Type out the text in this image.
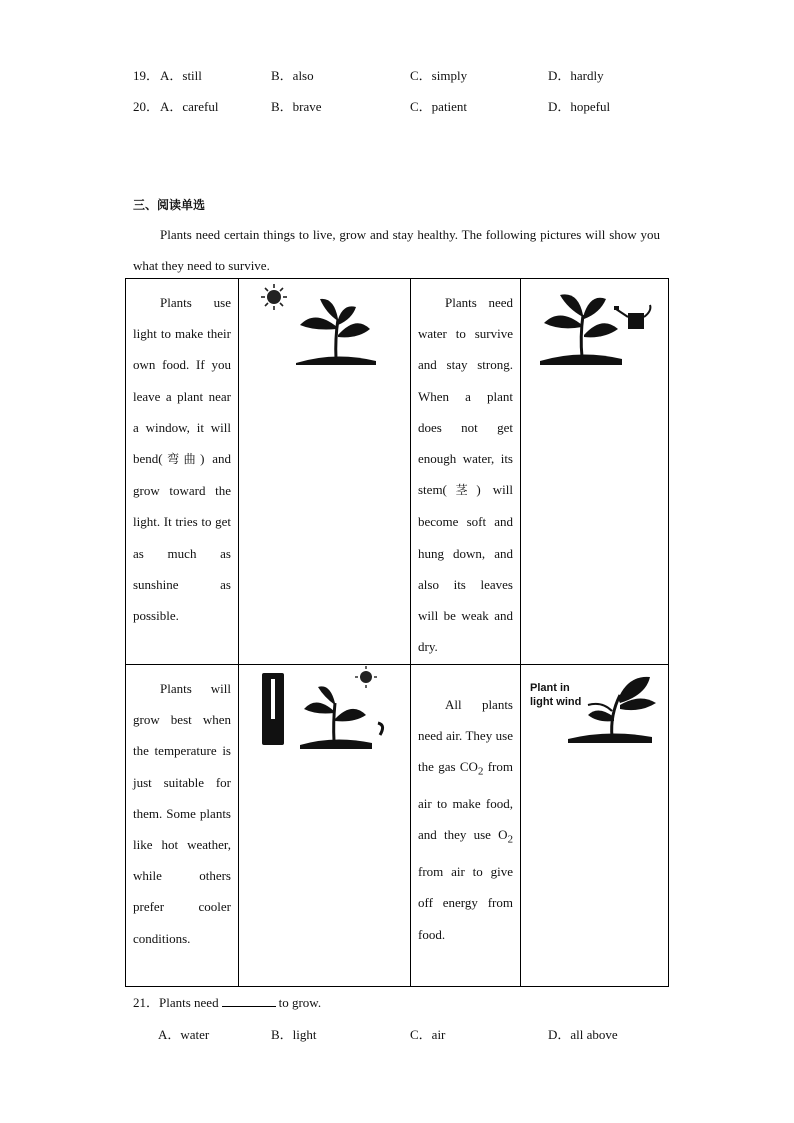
19． A．still	B．also	C．simply	D．hardly
20． A．careful	B．brave	C．patient	D．hopeful
三、阅读单选

Plants need certain things to live, grow and stay healthy. The following pictures will show you what they need to survive.

Plants use light to make their own food. If you leave a plant near a window, it will bend(弯曲) and grow toward the light. It tries to get as much as sunshine as possible.		Plants need water to survive and stay strong. When a plant does not get enough water, its stem(茎) will become soft and hung down, and also its leaves will be weak and dry.

Plants will grow best when the temperature is just suitable for them. Some plants like hot weather, while others prefer cooler conditions.		All plants need air. They use the gas $CO_2$ from air to make food, and they use $O_2$ from air to give off energy from food.	Plant in
light wind
21．Plants need	to grow.
A．water	B．light	C．air	D．all above
